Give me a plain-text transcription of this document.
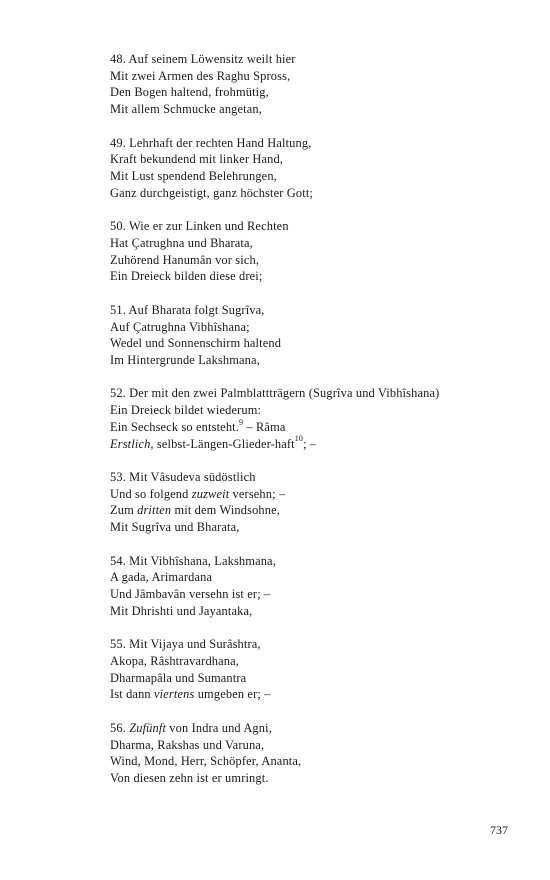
48. Auf seinem Löwensitz weilt hier
Mit zwei Armen des Raghu Spross,
Den Bogen haltend, frohmütig,
Mit allem Schmucke angetan,
49. Lehrhaft der rechten Hand Haltung,
Kraft bekundend mit linker Hand,
Mit Lust spendend Belehrungen,
Ganz durchgeistigt, ganz höchster Gott;
50. Wie er zur Linken und Rechten
Hat Çatrughna und Bharata,
Zuhörend Hanumân vor sich,
Ein Dreieck bilden diese drei;
51. Auf Bharata folgt Sugrîva,
Auf Çatrughna Vibhîshana;
Wedel und Sonnenschirm haltend
Im Hintergrunde Lakshmana,
52. Der mit den zwei Palmblattträgern (Sugrîva und Vibhîshana)
Ein Dreieck bildet wiederum:
Ein Sechseck so entsteht.$^9$ – Râma
Erstlich, selbst-Längen-Glieder-haft$^{10}$; –
53. Mit Vâsudeva südöstlich
Und so folgend zuzweit versehn; –
Zum dritten mit dem Windsohne,
Mit Sugrîva und Bharata,
54. Mit Vibhîshana, Lakshmana,
A gada, Arimardana
Und Jâmbavân versehn ist er; –
Mit Dhrishti und Jayantaka,
55. Mit Vijaya und Surâshtra,
Akopa, Râshtravardhana,
Dharmapâla und Sumantra
Ist dann viertens umgeben er; –
56. Zufünft von Indra und Agni,
Dharma, Rakshas und Varuna,
Wind, Mond, Herr, Schöpfer, Ananta,
Von diesen zehn ist er umringt.
737
